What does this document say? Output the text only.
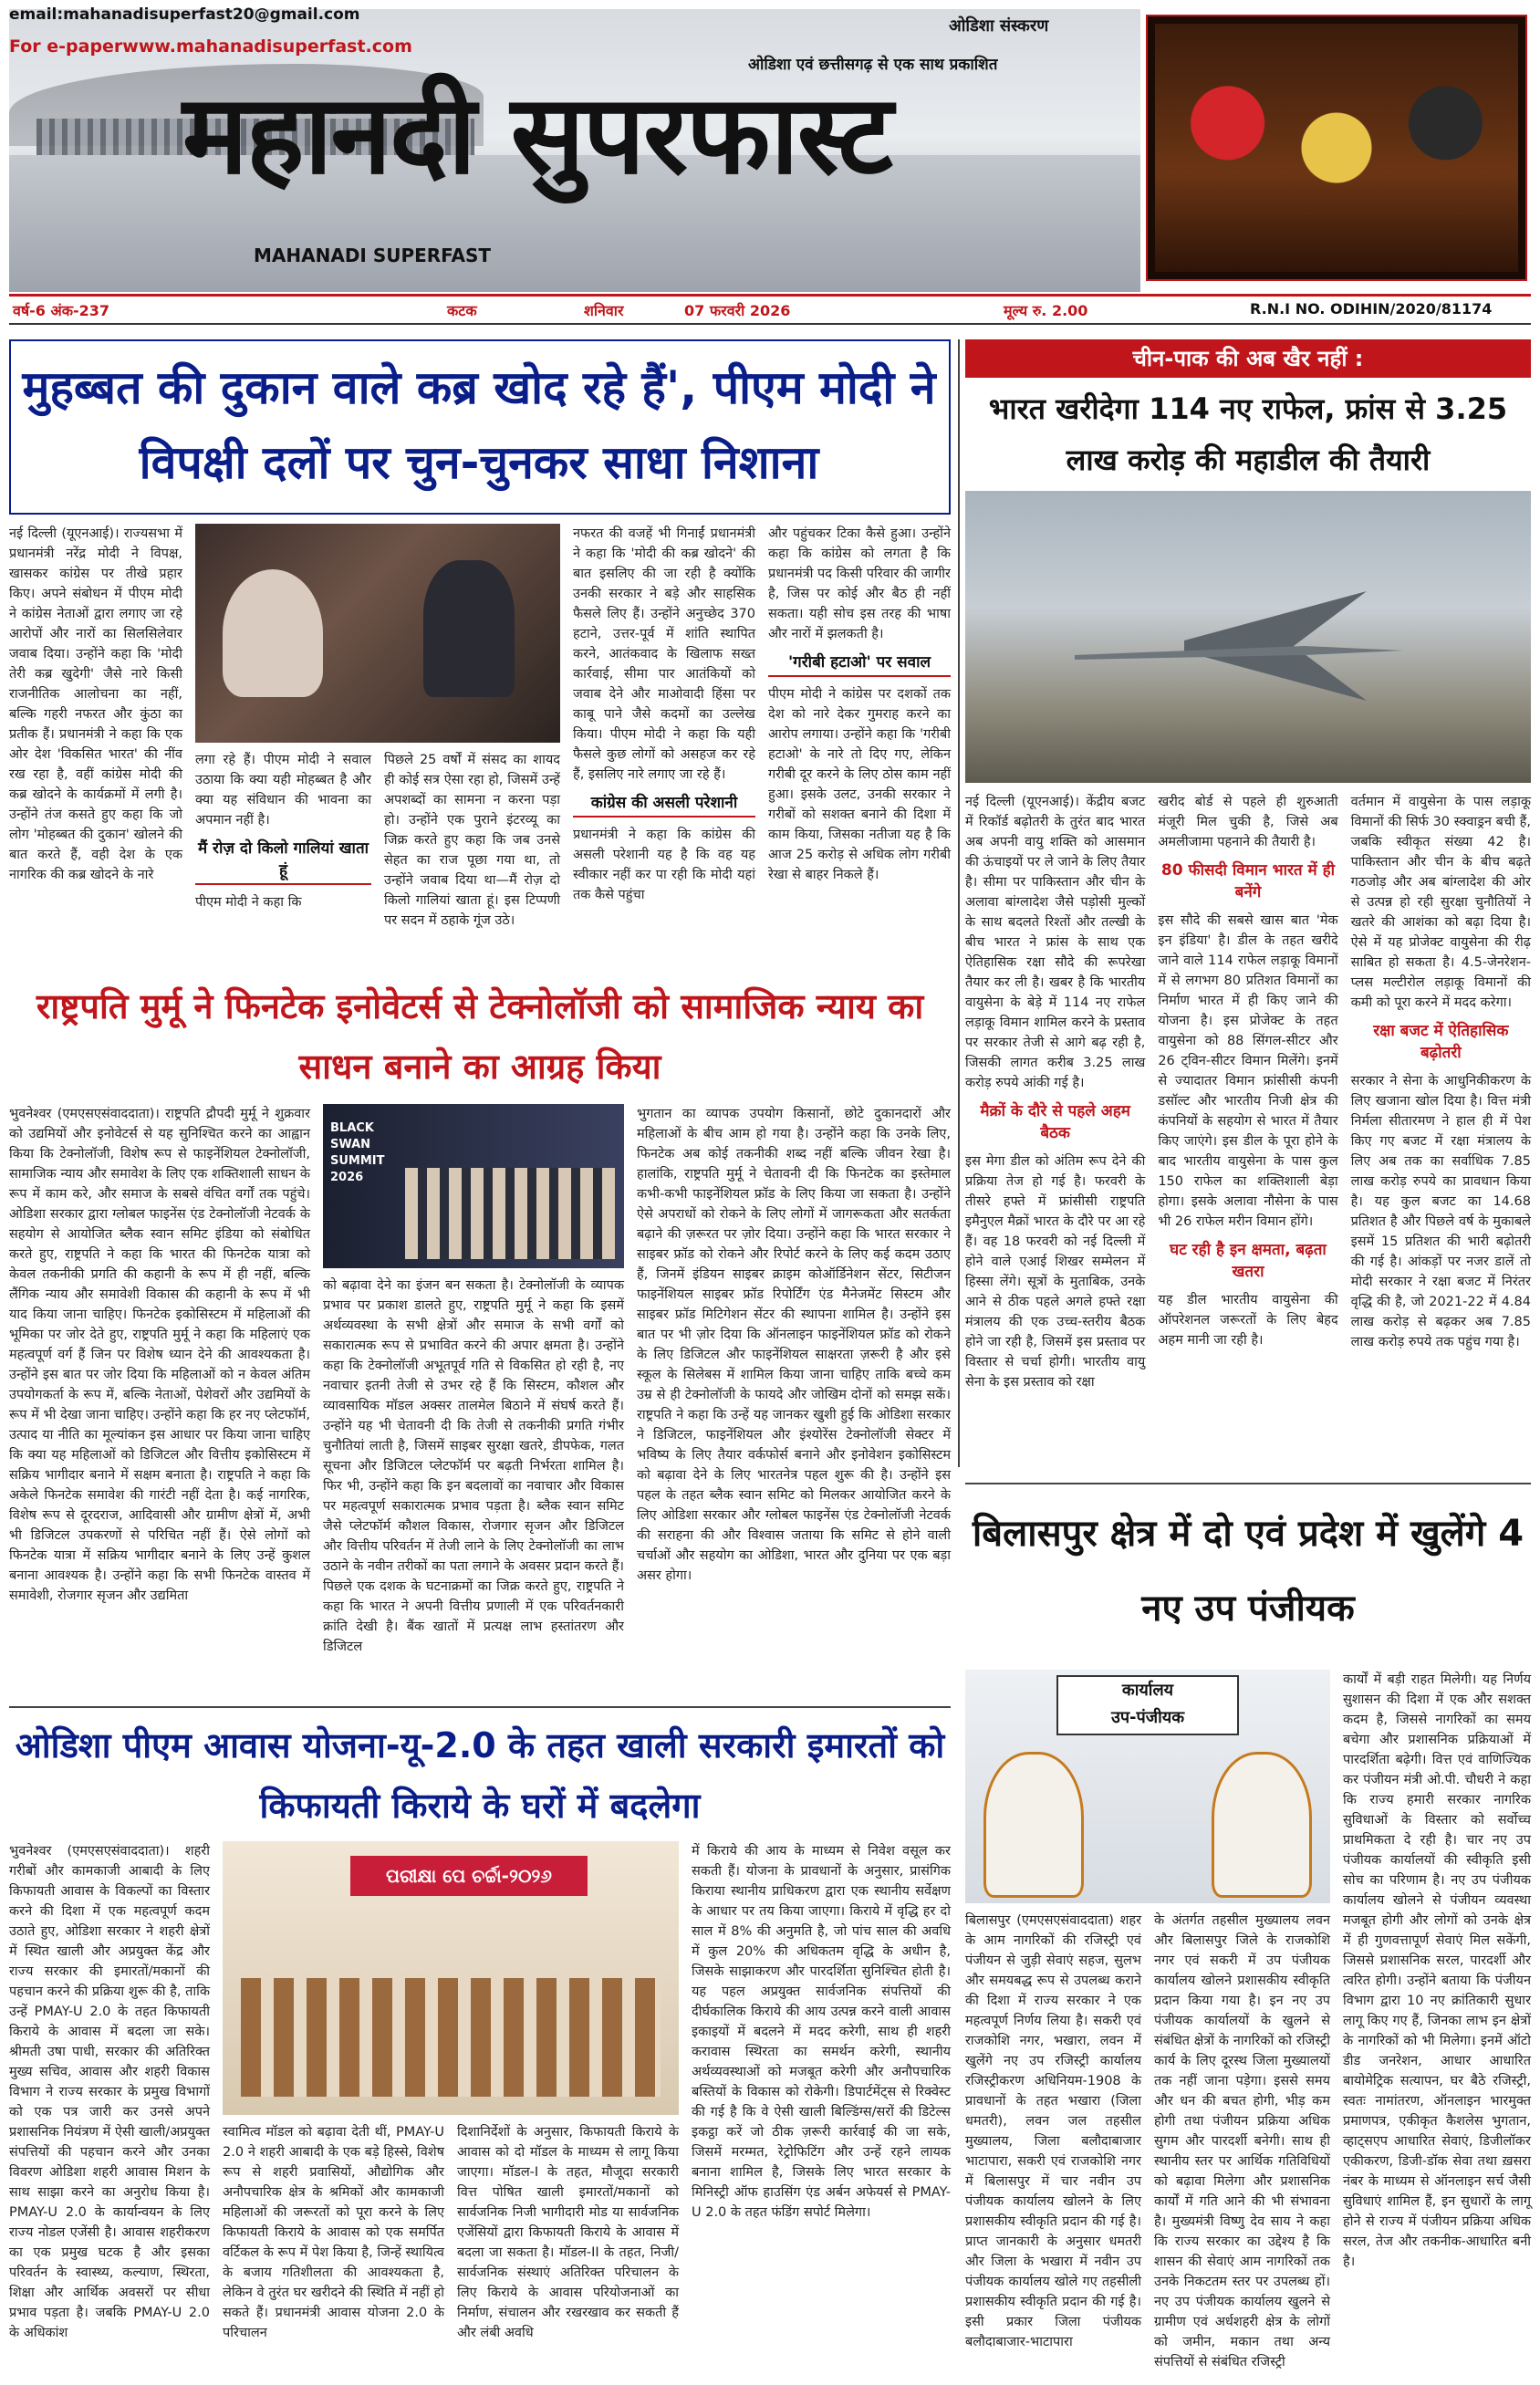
email:mahanadisuperfast20@gmail.com
For e-paperwww.mahanadisuperfast.com
ओडिशा संस्करण
ओडिशा एवं छत्तीसगढ़ से एक साथ प्रकाशित
महानदी सुपरफास्ट
MAHANADI SUPERFAST
वर्ष-6 अंक-237	कटक	शनिवार	07 फरवरी 2026	मूल्य रु. 2.00	R.N.I NO. ODIHIN/2020/81174
मुहब्बत की दुकान वाले कब्र खोद रहे हैं', पीएम मोदी ने विपक्षी दलों पर चुन-चुनकर साधा निशाना
नई दिल्ली (यूएनआई)। राज्यसभा में प्रधानमंत्री नरेंद्र मोदी ने विपक्ष, खासकर कांग्रेस पर तीखे प्रहार किए। अपने संबोधन में पीएम मोदी ने कांग्रेस नेताओं द्वारा लगाए जा रहे आरोपों और नारों का सिलसिलेवार जवाब दिया। उन्होंने कहा कि 'मोदी तेरी कब्र खुदेगी' जैसे नारे किसी राजनीतिक आलोचना का नहीं, बल्कि गहरी नफरत और कुंठा का प्रतीक हैं। प्रधानमंत्री ने कहा कि एक ओर देश 'विकसित भारत' की नींव रख रहा है, वहीं कांग्रेस मोदी की कब्र खोदने के कार्यक्रमों में लगी है। उन्होंने तंज कसते हुए कहा कि जो लोग 'मोहब्बत की दुकान' खोलने की बात करते हैं, वही देश के एक नागरिक की कब्र खोदने के नारे
लगा रहे हैं। पीएम मोदी ने सवाल उठाया कि क्या यही मोहब्बत है और क्या यह संविधान की भावना का अपमान नहीं है।
मैं रोज़ दो किलो गालियां खाता हूं
पीएम मोदी ने कहा कि
पिछले 25 वर्षों में संसद का शायद ही कोई सत्र ऐसा रहा हो, जिसमें उन्हें अपशब्दों का सामना न करना पड़ा हो। उन्होंने एक पुराने इंटरव्यू का जिक्र करते हुए कहा कि जब उनसे सेहत का राज पूछा गया था, तो उन्होंने जवाब दिया था—मैं रोज़ दो किलो गालियां खाता हूं। इस टिप्पणी पर सदन में ठहाके गूंज उठे।
नफरत की वजहें भी गिनाईं प्रधानमंत्री ने कहा कि 'मोदी की कब्र खोदने' की बात इसलिए की जा रही है क्योंकि उनकी सरकार ने बड़े और साहसिक फैसले लिए हैं। उन्होंने अनुच्छेद 370 हटाने, उत्तर-पूर्व में शांति स्थापित करने, आतंकवाद के खिलाफ सख्त कार्रवाई, सीमा पार आतंकियों को जवाब देने और माओवादी हिंसा पर काबू पाने जैसे कदमों का उल्लेख किया। पीएम मोदी ने कहा कि यही फैसले कुछ लोगों को असहज कर रहे हैं, इसलिए नारे लगाए जा रहे हैं।
कांग्रेस की असली परेशानी
प्रधानमंत्री ने कहा कि कांग्रेस की असली परेशानी यह है कि वह यह स्वीकार नहीं कर पा रही कि मोदी यहां तक कैसे पहुंचा
और पहुंचकर टिका कैसे हुआ। उन्होंने कहा कि कांग्रेस को लगता है कि प्रधानमंत्री पद किसी परिवार की जागीर है, जिस पर कोई और बैठ ही नहीं सकता। यही सोच इस तरह की भाषा और नारों में झलकती है।
'गरीबी हटाओ' पर सवाल
पीएम मोदी ने कांग्रेस पर दशकों तक देश को नारे देकर गुमराह करने का आरोप लगाया। उन्होंने कहा कि 'गरीबी हटाओ' के नारे तो दिए गए, लेकिन गरीबी दूर करने के लिए ठोस काम नहीं हुआ। इसके उलट, उनकी सरकार ने गरीबों को सशक्त बनाने की दिशा में काम किया, जिसका नतीजा यह है कि आज 25 करोड़ से अधिक लोग गरीबी रेखा से बाहर निकले हैं।
चीन-पाक की अब खैर नहीं :
भारत खरीदेगा 114 नए राफेल, फ्रांस से 3.25 लाख करोड़ की महाडील की तैयारी
नई दिल्ली (यूएनआई)। केंद्रीय बजट में रिकॉर्ड बढ़ोतरी के तुरंत बाद भारत अब अपनी वायु शक्ति को आसमान की ऊंचाइयों पर ले जाने के लिए तैयार है। सीमा पर पाकिस्तान और चीन के अलावा बांग्लादेश जैसे पड़ोसी मुल्कों के साथ बदलते रिश्तों और तल्खी के बीच भारत ने फ्रांस के साथ एक ऐतिहासिक रक्षा सौदे की रूपरेखा तैयार कर ली है। खबर है कि भारतीय वायुसेना के बेड़े में 114 नए राफेल लड़ाकू विमान शामिल करने के प्रस्ताव पर सरकार तेजी से आगे बढ़ रही है, जिसकी लागत करीब 3.25 लाख करोड़ रुपये आंकी गई है।
मैक्रों के दौरे से पहले अहम बैठक
इस मेगा डील को अंतिम रूप देने की प्रक्रिया तेज हो गई है। फरवरी के तीसरे हफ्ते में फ्रांसीसी राष्ट्रपति इमैनुएल मैक्रों भारत के दौरे पर आ रहे हैं। वह 18 फरवरी को नई दिल्ली में होने वाले एआई शिखर सम्मेलन में हिस्सा लेंगे। सूत्रों के मुताबिक, उनके आने से ठीक पहले अगले हफ्ते रक्षा मंत्रालय की एक उच्च-स्तरीय बैठक होने जा रही है, जिसमें इस प्रस्ताव पर विस्तार से चर्चा होगी। भारतीय वायु सेना के इस प्रस्ताव को रक्षा
खरीद बोर्ड से पहले ही शुरुआती मंजूरी मिल चुकी है, जिसे अब अमलीजामा पहनाने की तैयारी है।
80 फीसदी विमान भारत में ही बनेंगे
इस सौदे की सबसे खास बात 'मेक इन इंडिया' है। डील के तहत खरीदे जाने वाले 114 राफेल लड़ाकू विमानों में से लगभग 80 प्रतिशत विमानों का निर्माण भारत में ही किए जाने की योजना है। इस प्रोजेक्ट के तहत वायुसेना को 88 सिंगल-सीटर और 26 ट्विन-सीटर विमान मिलेंगे। इनमें से ज्यादातर विमान फ्रांसीसी कंपनी डसॉल्ट और भारतीय निजी क्षेत्र की कंपनियों के सहयोग से भारत में तैयार किए जाएंगे। इस डील के पूरा होने के बाद भारतीय वायुसेना के पास कुल 150 राफेल का शक्तिशाली बेड़ा होगा। इसके अलावा नौसेना के पास भी 26 राफेल मरीन विमान होंगे।
घट रही है इन क्षमता, बढ़ता खतरा
यह डील भारतीय वायुसेना की ऑपरेशनल जरूरतों के लिए बेहद अहम मानी जा रही है।
वर्तमान में वायुसेना के पास लड़ाकू विमानों की सिर्फ 30 स्क्वाड्रन बची हैं, जबकि स्वीकृत संख्या 42 है। पाकिस्तान और चीन के बीच बढ़ते गठजोड़ और अब बांग्लादेश की ओर से उत्पन्न हो रही सुरक्षा चुनौतियों ने खतरे की आशंका को बढ़ा दिया है। ऐसे में यह प्रोजेक्ट वायुसेना की रीढ़ साबित हो सकता है। 4.5-जेनरेशन-प्लस मल्टीरोल लड़ाकू विमानों की कमी को पूरा करने में मदद करेगा।
रक्षा बजट में ऐतिहासिक बढ़ोतरी
सरकार ने सेना के आधुनिकीकरण के लिए खजाना खोल दिया है। वित्त मंत्री निर्मला सीतारमण ने हाल ही में पेश किए गए बजट में रक्षा मंत्रालय के लिए अब तक का सर्वाधिक 7.85 लाख करोड़ रुपये का प्रावधान किया है। यह कुल बजट का 14.68 प्रतिशत है और पिछले वर्ष के मुकाबले इसमें 15 प्रतिशत की भारी बढ़ोतरी की गई है। आंकड़ों पर नजर डालें तो मोदी सरकार ने रक्षा बजट में निरंतर वृद्धि की है, जो 2021-22 में 4.84 लाख करोड़ से बढ़कर अब 7.85 लाख करोड़ रुपये तक पहुंच गया है।
राष्ट्रपति मुर्मू ने फिनटेक इनोवेटर्स से टेक्नोलॉजी को सामाजिक न्याय का साधन बनाने का आग्रह किया
भुवनेश्वर (एमएसएसंवाददाता)। राष्ट्रपति द्रौपदी मुर्मू ने शुक्रवार को उद्यमियों और इनोवेटर्स से यह सुनिश्चित करने का आह्वान किया कि टेक्नोलॉजी, विशेष रूप से फाइनेंशियल टेक्नोलॉजी, सामाजिक न्याय और समावेश के लिए एक शक्तिशाली साधन के रूप में काम करे, और समाज के सबसे वंचित वर्गों तक पहुंचे। ओडिशा सरकार द्वारा ग्लोबल फाइनेंस एंड टेक्नोलॉजी नेटवर्क के सहयोग से आयोजित ब्लैक स्वान समिट इंडिया को संबोधित करते हुए, राष्ट्रपति ने कहा कि भारत की फिनटेक यात्रा को केवल तकनीकी प्रगति की कहानी के रूप में ही नहीं, बल्कि लैंगिक न्याय और समावेशी विकास की कहानी के रूप में भी याद किया जाना चाहिए। फिनटेक इकोसिस्टम में महिलाओं की भूमिका पर जोर देते हुए, राष्ट्रपति मुर्मू ने कहा कि महिलाएं एक महत्वपूर्ण वर्ग हैं जिन पर विशेष ध्यान देने की आवश्यकता है। उन्होंने इस बात पर जोर दिया कि महिलाओं को न केवल अंतिम उपयोगकर्ता के रूप में, बल्कि नेताओं, पेशेवरों और उद्यमियों के रूप में भी देखा जाना चाहिए। उन्होंने कहा कि हर नए प्लेटफॉर्म, उत्पाद या नीति का मूल्यांकन इस आधार पर किया जाना चाहिए कि क्या यह महिलाओं को डिजिटल और वित्तीय इकोसिस्टम में सक्रिय भागीदार बनाने में सक्षम बनाता है। राष्ट्रपति ने कहा कि अकेले फिनटेक समावेश की गारंटी नहीं देता है। कई नागरिक, विशेष रूप से दूरदराज, आदिवासी और ग्रामीण क्षेत्रों में, अभी भी डिजिटल उपकरणों से परिचित नहीं हैं। ऐसे लोगों को फिनटेक यात्रा में सक्रिय भागीदार बनाने के लिए उन्हें कुशल बनाना आवश्यक है। उन्होंने कहा कि सभी फिनटेक वास्तव में समावेशी, रोजगार सृजन और उद्यमिता
BLACK SWAN SUMMIT 2026
भुगतान का व्यापक उपयोग किसानों, छोटे दुकानदारों और महिलाओं के बीच आम हो गया है। उन्होंने कहा कि उनके लिए, फिनटेक अब कोई तकनीकी शब्द नहीं बल्कि जीवन रेखा है। हालांकि, राष्ट्रपति मुर्मू ने चेतावनी दी कि फिनटेक का इस्तेमाल कभी-कभी फाइनेंशियल फ्रॉड के लिए किया जा सकता है। उन्होंने ऐसे अपराधों को रोकने के लिए लोगों में जागरूकता और सतर्कता बढ़ाने की ज़रूरत पर ज़ोर दिया। उन्होंने कहा कि भारत सरकार ने साइबर फ्रॉड को रोकने और रिपोर्ट करने के लिए कई कदम उठाए हैं, जिनमें इंडियन साइबर क्राइम कोऑर्डिनेशन सेंटर, सिटीजन फाइनेंशियल साइबर फ्रॉड रिपोर्टिंग एंड मैनेजमेंट सिस्टम और साइबर फ्रॉड मिटिगेशन सेंटर की स्थापना शामिल है। उन्होंने इस बात पर भी ज़ोर दिया कि ऑनलाइन फाइनेंशियल फ्रॉड को रोकने के लिए डिजिटल और फाइनेंशियल साक्षरता ज़रूरी है और इसे स्कूल के सिलेबस में शामिल किया जाना चाहिए ताकि बच्चे कम उम्र से ही टेक्नोलॉजी के फायदे और जोखिम दोनों को समझ सकें। राष्ट्रपति ने कहा कि उन्हें यह जानकर खुशी हुई कि ओडिशा सरकार ने डिजिटल, फाइनेंशियल और इंश्योरेंस टेक्नोलॉजी सेक्टर में भविष्य के लिए तैयार वर्कफोर्स बनाने और इनोवेशन इकोसिस्टम को बढ़ावा देने के लिए भारतनेत्र पहल शुरू की है। उन्होंने इस पहल के तहत ब्लैक स्वान समिट को मिलकर आयोजित करने के लिए ओडिशा सरकार और ग्लोबल फाइनेंस एंड टेक्नोलॉजी नेटवर्क की सराहना की और विश्वास जताया कि समिट से होने वाली चर्चाओं और सहयोग का ओडिशा, भारत और दुनिया पर एक बड़ा असर होगा।
को बढ़ावा देने का इंजन बन सकता है। टेक्नोलॉजी के व्यापक प्रभाव पर प्रकाश डालते हुए, राष्ट्रपति मुर्मू ने कहा कि इसमें अर्थव्यवस्था के सभी क्षेत्रों और समाज के सभी वर्गों को सकारात्मक रूप से प्रभावित करने की अपार क्षमता है। उन्होंने कहा कि टेक्नोलॉजी अभूतपूर्व गति से विकसित हो रही है, नए नवाचार इतनी तेजी से उभर रहे हैं कि सिस्टम, कौशल और व्यावसायिक मॉडल अक्सर तालमेल बिठाने में संघर्ष करते हैं। उन्होंने यह भी चेतावनी दी कि तेजी से तकनीकी प्रगति गंभीर चुनौतियां लाती है, जिसमें साइबर सुरक्षा खतरे, डीपफेक, गलत सूचना और डिजिटल प्लेटफॉर्म पर बढ़ती निर्भरता शामिल है। फिर भी, उन्होंने कहा कि इन बदलावों का नवाचार और विकास पर महत्वपूर्ण सकारात्मक प्रभाव पड़ता है। ब्लैक स्वान समिट जैसे प्लेटफॉर्म कौशल विकास, रोजगार सृजन और डिजिटल और वित्तीय परिवर्तन में तेजी लाने के लिए टेक्नोलॉजी का लाभ उठाने के नवीन तरीकों का पता लगाने के अवसर प्रदान करते हैं। पिछले एक दशक के घटनाक्रमों का जिक्र करते हुए, राष्ट्रपति ने कहा कि भारत ने अपनी वित्तीय प्रणाली में एक परिवर्तनकारी क्रांति देखी है। बैंक खातों में प्रत्यक्ष लाभ हस्तांतरण और डिजिटल
ओडिशा पीएम आवास योजना-यू-2.0 के तहत खाली सरकारी इमारतों को किफायती किराये के घरों में बदलेगा
भुवनेश्वर (एमएसएसंवाददाता)। शहरी गरीबों और कामकाजी आबादी के लिए किफायती आवास के विकल्पों का विस्तार करने की दिशा में एक महत्वपूर्ण कदम उठाते हुए, ओडिशा सरकार ने शहरी क्षेत्रों में स्थित खाली और अप्रयुक्त केंद्र और राज्य सरकार की इमारतों/मकानों की पहचान करने की प्रक्रिया शुरू की है, ताकि उन्हें PMAY-U 2.0 के तहत किफायती किराये के आवास में बदला जा सके। श्रीमती उषा पाधी, सरकार की अतिरिक्त मुख्य सचिव, आवास और शहरी विकास विभाग ने राज्य सरकार के प्रमुख विभागों को एक पत्र जारी कर उनसे अपने प्रशासनिक नियंत्रण में ऐसी खाली/अप्रयुक्त संपत्तियों की पहचान करने और उनका विवरण ओडिशा शहरी आवास मिशन के साथ साझा करने का अनुरोध किया है। PMAY-U 2.0 के कार्यान्वयन के लिए राज्य नोडल एजेंसी है। आवास शहरीकरण का एक प्रमुख घटक है और इसका परिवर्तन के स्वास्थ्य, कल्याण, स्थिरता, शिक्षा और आर्थिक अवसरों पर सीधा प्रभाव पड़ता है। जबकि PMAY-U 2.0 के अधिकांश
ପରୀକ୍ଷା ପେ ଚର୍ଚ୍ଚା-୨୦୨୬
स्वामित्व मॉडल को बढ़ावा देती थीं, PMAY-U 2.0 ने शहरी आबादी के एक बड़े हिस्से, विशेष रूप से शहरी प्रवासियों, औद्योगिक और अनौपचारिक क्षेत्र के श्रमिकों और कामकाजी महिलाओं की जरूरतों को पूरा करने के लिए किफायती किराये के आवास को एक समर्पित वर्टिकल के रूप में पेश किया है, जिन्हें स्थायित्व के बजाय गतिशीलता की आवश्यकता है, लेकिन वे तुरंत घर खरीदने की स्थिति में नहीं हो सकते हैं। प्रधानमंत्री आवास योजना 2.0 के परिचालन
दिशानिर्देशों के अनुसार, किफायती किराये के आवास को दो मॉडल के माध्यम से लागू किया जाएगा। मॉडल-I के तहत, मौजूदा सरकारी वित्त पोषित खाली इमारतों/मकानों को सार्वजनिक निजी भागीदारी मोड या सार्वजनिक एजेंसियों द्वारा किफायती किराये के आवास में बदला जा सकता है। मॉडल-II के तहत, निजी/सार्वजनिक संस्थाएं अतिरिक्त परिचालन के लिए किराये के आवास परियोजनाओं का निर्माण, संचालन और रखरखाव कर सकती हैं और लंबी अवधि
में किराये की आय के माध्यम से निवेश वसूल कर सकती हैं। योजना के प्रावधानों के अनुसार, प्रासंगिक किराया स्थानीय प्राधिकरण द्वारा एक स्थानीय सर्वेक्षण के आधार पर तय किया जाएगा। किराये में वृद्धि हर दो साल में 8% की अनुमति है, जो पांच साल की अवधि में कुल 20% की अधिकतम वृद्धि के अधीन है, जिसके साझाकरण और पारदर्शिता सुनिश्चित होती है। यह पहल अप्रयुक्त सार्वजनिक संपत्तियों की दीर्घकालिक किराये की आय उत्पन्न करने वाली आवास इकाइयों में बदलने में मदद करेगी, साथ ही शहरी करावास स्थिरता का समर्थन करेगी, स्थानीय अर्थव्यवस्थाओं को मजबूत करेगी और अनौपचारिक बस्तियों के विकास को रोकेगी। डिपार्टमेंट्स से रिक्वेस्ट की गई है कि वे ऐसी खाली बिल्डिंग्स/सरों की डिटेल्स इकट्ठा करें जो ठीक ज़रूरी कार्रवाई की जा सके, जिसमें मरम्मत, रेट्रोफिटिंग और उन्हें रहने लायक बनाना शामिल है, जिसके लिए भारत सरकार के मिनिस्ट्री ऑफ हाउसिंग एंड अर्बन अफेयर्स से PMAY-U 2.0 के तहत फंडिंग सपोर्ट मिलेगा।
बिलासपुर क्षेत्र में दो एवं प्रदेश में खुलेंगे 4 नए उप पंजीयक
कार्यालय
उप-पंजीयक
बिलासपुर (एमएसएसंवाददाता) शहर के आम नागरिकों की रजिस्ट्री एवं पंजीयन से जुड़ी सेवाएं सहज, सुलभ और समयबद्ध रूप से उपलब्ध कराने की दिशा में राज्य सरकार ने एक महत्वपूर्ण निर्णय लिया है। सकरी एवं राजकोशि नगर, भखारा, लवन में खुलेंगे नए उप रजिस्ट्री कार्यालय रजिस्ट्रीकरण अधिनियम-1908 के प्रावधानों के तहत भखारा (जिला धमतरी), लवन जल तहसील मुख्यालय, जिला बलौदाबाजार भाटापारा, सकरी एवं राजकोशि नगर में बिलासपुर में चार नवीन उप पंजीयक कार्यालय खोलने के लिए प्रशासकीय स्वीकृति प्रदान की गई है। प्राप्त जानकारी के अनुसार धमतरी और जिला के भखारा में नवीन उप पंजीयक कार्यालय खोले गए तहसीली प्रशासकीय स्वीकृति प्रदान की गई है। इसी प्रकार जिला पंजीयक बलौदाबाजार-भाटापारा
के अंतर्गत तहसील मुख्यालय लवन और बिलासपुर जिले के राजकोशि नगर एवं सकरी में उप पंजीयक कार्यालय खोलने प्रशासकीय स्वीकृति प्रदान किया गया है। इन नए उप पंजीयक कार्यालयों के खुलने से संबंधित क्षेत्रों के नागरिकों को रजिस्ट्री कार्य के लिए दूरस्थ जिला मुख्यालयों तक नहीं जाना पड़ेगा। इससे समय और धन की बचत होगी, भीड़ कम होगी तथा पंजीयन प्रक्रिया अधिक सुगम और पारदर्शी बनेगी। साथ ही स्थानीय स्तर पर आर्थिक गतिविधियों को बढ़ावा मिलेगा और प्रशासनिक कार्यों में गति आने की भी संभावना है। मुख्यमंत्री विष्णु देव साय ने कहा कि राज्य सरकार का उद्देश्य है कि शासन की सेवाएं आम नागरिकों तक उनके निकटतम स्तर पर उपलब्ध हों। नए उप पंजीयक कार्यालय खुलने से ग्रामीण एवं अर्धशहरी क्षेत्र के लोगों को जमीन, मकान तथा अन्य संपत्तियों से संबंधित रजिस्ट्री
कार्यों में बड़ी राहत मिलेगी। यह निर्णय सुशासन की दिशा में एक और सशक्त कदम है, जिससे नागरिकों का समय बचेगा और प्रशासनिक प्रक्रियाओं में पारदर्शिता बढ़ेगी। वित्त एवं वाणिज्यिक कर पंजीयन मंत्री ओ.पी. चौधरी ने कहा कि राज्य हमारी सरकार नागरिक सुविधाओं के विस्तार को सर्वोच्च प्राथमिकता दे रही है। चार नए उप पंजीयक कार्यालयों की स्वीकृति इसी सोच का परिणाम है। नए उप पंजीयक कार्यालय खोलने से पंजीयन व्यवस्था मजबूत होगी और लोगों को उनके क्षेत्र में ही गुणवत्तापूर्ण सेवाएं मिल सकेंगी, जिससे प्रशासनिक सरल, पारदर्शी और त्वरित होगी। उन्होंने बताया कि पंजीयन विभाग द्वारा 10 नए क्रांतिकारी सुधार लागू किए गए हैं, जिनका लाभ इन क्षेत्रों के नागरिकों को भी मिलेगा। इनमें ऑटो डीड जनरेशन, आधार आधारित बायोमेट्रिक सत्यापन, घर बैठे रजिस्ट्री, स्वतः नामांतरण, ऑनलाइन भारमुक्त प्रमाणपत्र, एकीकृत कैशलेस भुगतान, व्हाट्सएप आधारित सेवाएं, डिजीलॉकर एकीकरण, डिजी-डॉक सेवा तथा ख़सरा नंबर के माध्यम से ऑनलाइन सर्च जैसी सुविधाएं शामिल हैं, इन सुधारों के लागू होने से राज्य में पंजीयन प्रक्रिया अधिक सरल, तेज और तकनीक-आधारित बनी है।
